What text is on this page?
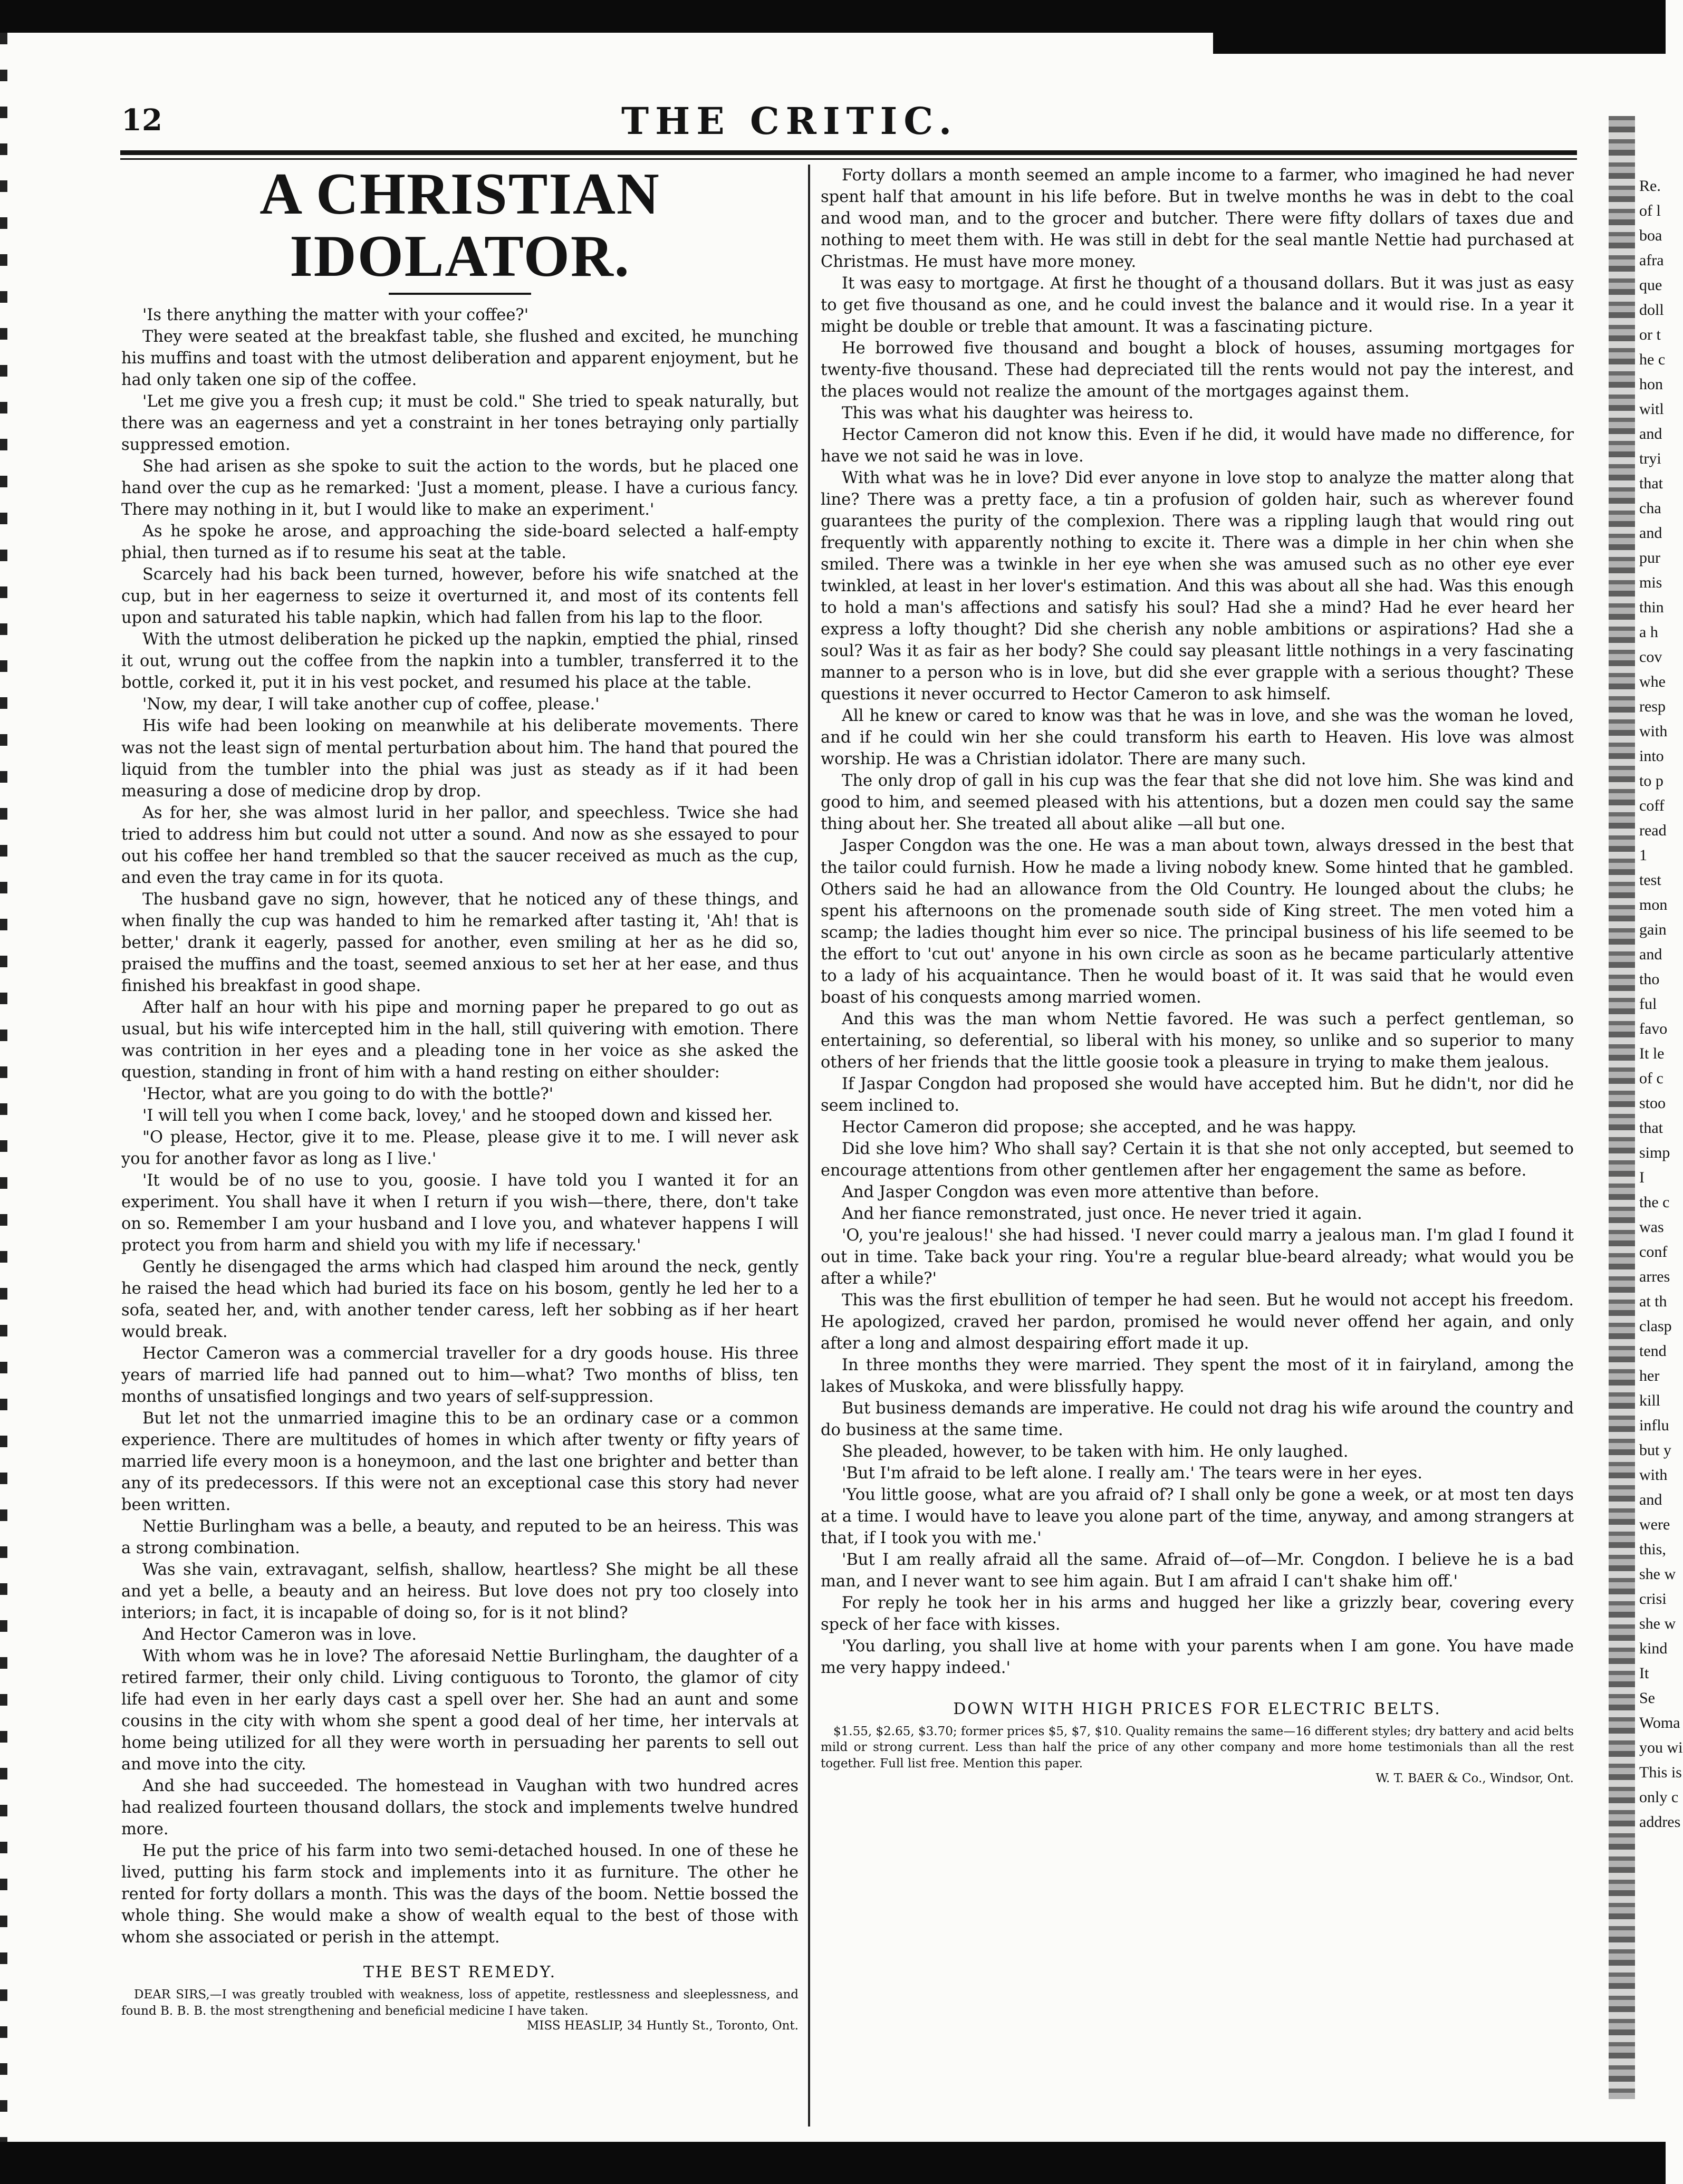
12	THE CRITIC.
A CHRISTIAN IDOLATOR.

'Is there anything the matter with your coffee?'

They were seated at the breakfast table, she flushed and excited, he munching his muffins and toast with the utmost deliberation and apparent enjoyment, but he had only taken one sip of the coffee.

'Let me give you a fresh cup; it must be cold." She tried to speak naturally, but there was an eagerness and yet a constraint in her tones betraying only partially suppressed emotion.

She had arisen as she spoke to suit the action to the words, but he placed one hand over the cup as he remarked: 'Just a moment, please. I have a curious fancy. There may nothing in it, but I would like to make an experiment.'

As he spoke he arose, and approaching the side-board selected a half-empty phial, then turned as if to resume his seat at the table.

Scarcely had his back been turned, however, before his wife snatched at the cup, but in her eagerness to seize it overturned it, and most of its contents fell upon and saturated his table napkin, which had fallen from his lap to the floor.

With the utmost deliberation he picked up the napkin, emptied the phial, rinsed it out, wrung out the coffee from the napkin into a tumbler, transferred it to the bottle, corked it, put it in his vest pocket, and resumed his place at the table.

'Now, my dear, I will take another cup of coffee, please.'

His wife had been looking on meanwhile at his deliberate movements. There was not the least sign of mental perturbation about him. The hand that poured the liquid from the tumbler into the phial was just as steady as if it had been measuring a dose of medicine drop by drop.

As for her, she was almost lurid in her pallor, and speechless. Twice she had tried to address him but could not utter a sound. And now as she essayed to pour out his coffee her hand trembled so that the saucer received as much as the cup, and even the tray came in for its quota.

The husband gave no sign, however, that he noticed any of these things, and when finally the cup was handed to him he remarked after tasting it, 'Ah! that is better,' drank it eagerly, passed for another, even smiling at her as he did so, praised the muffins and the toast, seemed anxious to set her at her ease, and thus finished his breakfast in good shape.

After half an hour with his pipe and morning paper he prepared to go out as usual, but his wife intercepted him in the hall, still quivering with emotion. There was contrition in her eyes and a pleading tone in her voice as she asked the question, standing in front of him with a hand resting on either shoulder:

'Hector, what are you going to do with the bottle?'

'I will tell you when I come back, lovey,' and he stooped down and kissed her.

"O please, Hector, give it to me. Please, please give it to me. I will never ask you for another favor as long as I live.'

'It would be of no use to you, goosie. I have told you I wanted it for an experiment. You shall have it when I return if you wish—there, there, don't take on so. Remember I am your husband and I love you, and whatever happens I will protect you from harm and shield you with my life if necessary.'

Gently he disengaged the arms which had clasped him around the neck, gently he raised the head which had buried its face on his bosom, gently he led her to a sofa, seated her, and, with another tender caress, left her sobbing as if her heart would break.

Hector Cameron was a commercial traveller for a dry goods house. His three years of married life had panned out to him—what? Two months of bliss, ten months of unsatisfied longings and two years of self-suppression.

But let not the unmarried imagine this to be an ordinary case or a common experience. There are multitudes of homes in which after twenty or fifty years of married life every moon is a honeymoon, and the last one brighter and better than any of its predecessors. If this were not an exceptional case this story had never been written.

Nettie Burlingham was a belle, a beauty, and reputed to be an heiress. This was a strong combination.

Was she vain, extravagant, selfish, shallow, heartless? She might be all these and yet a belle, a beauty and an heiress. But love does not pry too closely into interiors; in fact, it is incapable of doing so, for is it not blind?

And Hector Cameron was in love.

With whom was he in love? The aforesaid Nettie Burlingham, the daughter of a retired farmer, their only child. Living contiguous to Toronto, the glamor of city life had even in her early days cast a spell over her. She had an aunt and some cousins in the city with whom she spent a good deal of her time, her intervals at home being utilized for all they were worth in persuading her parents to sell out and move into the city.

And she had succeeded. The homestead in Vaughan with two hundred acres had realized fourteen thousand dollars, the stock and implements twelve hundred more.

He put the price of his farm into two semi-detached housed. In one of these he lived, putting his farm stock and implements into it as furniture. The other he rented for forty dollars a month. This was the days of the boom. Nettie bossed the whole thing. She would make a show of wealth equal to the best of those with whom she associated or perish in the attempt.

THE BEST REMEDY.

DEAR SIRS,—I was greatly troubled with weakness, loss of appetite, restlessness and sleeplessness, and found B. B. B. the most strengthening and beneficial medicine I have taken.

MISS HEASLIP, 34 Huntly St., Toronto, Ont.

Forty dollars a month seemed an ample income to a farmer, who imagined he had never spent half that amount in his life before. But in twelve months he was in debt to the coal and wood man, and to the grocer and butcher. There were fifty dollars of taxes due and nothing to meet them with. He was still in debt for the seal mantle Nettie had purchased at Christmas. He must have more money.

It was easy to mortgage. At first he thought of a thousand dollars. But it was just as easy to get five thousand as one, and he could invest the balance and it would rise. In a year it might be double or treble that amount. It was a fascinating picture.

He borrowed five thousand and bought a block of houses, assuming mortgages for twenty-five thousand. These had depreciated till the rents would not pay the interest, and the places would not realize the amount of the mortgages against them.

This was what his daughter was heiress to.

Hector Cameron did not know this. Even if he did, it would have made no difference, for have we not said he was in love.

With what was he in love? Did ever anyone in love stop to analyze the matter along that line? There was a pretty face, a tin a profusion of golden hair, such as wherever found guarantees the purity of the complexion. There was a rippling laugh that would ring out frequently with apparently nothing to excite it. There was a dimple in her chin when she smiled. There was a twinkle in her eye when she was amused such as no other eye ever twinkled, at least in her lover's estimation. And this was about all she had. Was this enough to hold a man's affections and satisfy his soul? Had she a mind? Had he ever heard her express a lofty thought? Did she cherish any noble ambitions or aspirations? Had she a soul? Was it as fair as her body? She could say pleasant little nothings in a very fascinating manner to a person who is in love, but did she ever grapple with a serious thought? These questions it never occurred to Hector Cameron to ask himself.

All he knew or cared to know was that he was in love, and she was the woman he loved, and if he could win her she could transform his earth to Heaven. His love was almost worship. He was a Christian idolator. There are many such.

The only drop of gall in his cup was the fear that she did not love him. She was kind and good to him, and seemed pleased with his attentions, but a dozen men could say the same thing about her. She treated all about alike —all but one.

Jasper Congdon was the one. He was a man about town, always dressed in the best that the tailor could furnish. How he made a living nobody knew. Some hinted that he gambled. Others said he had an allowance from the Old Country. He lounged about the clubs; he spent his afternoons on the promenade south side of King street. The men voted him a scamp; the ladies thought him ever so nice. The principal business of his life seemed to be the effort to 'cut out' anyone in his own circle as soon as he became particularly attentive to a lady of his acquaintance. Then he would boast of it. It was said that he would even boast of his conquests among married women.

And this was the man whom Nettie favored. He was such a perfect gentleman, so entertaining, so deferential, so liberal with his money, so unlike and so superior to many others of her friends that the little goosie took a pleasure in trying to make them jealous.

If Jaspar Congdon had proposed she would have accepted him. But he didn't, nor did he seem inclined to.

Hector Cameron did propose; she accepted, and he was happy.

Did she love him? Who shall say? Certain it is that she not only accepted, but seemed to encourage attentions from other gentlemen after her engagement the same as before.

And Jasper Congdon was even more attentive than before.

And her fiance remonstrated, just once. He never tried it again.

'O, you're jealous!' she had hissed. 'I never could marry a jealous man. I'm glad I found it out in time. Take back your ring. You're a regular blue-beard already; what would you be after a while?'

This was the first ebullition of temper he had seen. But he would not accept his freedom. He apologized, craved her pardon, promised he would never offend her again, and only after a long and almost despairing effort made it up.

In three months they were married. They spent the most of it in fairyland, among the lakes of Muskoka, and were blissfully happy.

But business demands are imperative. He could not drag his wife around the country and do business at the same time.

She pleaded, however, to be taken with him. He only laughed.

'But I'm afraid to be left alone. I really am.' The tears were in her eyes.

'You little goose, what are you afraid of? I shall only be gone a week, or at most ten days at a time. I would have to leave you alone part of the time, anyway, and among strangers at that, if I took you with me.'

'But I am really afraid all the same. Afraid of—of—Mr. Congdon. I believe he is a bad man, and I never want to see him again. But I am afraid I can't shake him off.'

For reply he took her in his arms and hugged her like a grizzly bear, covering every speck of her face with kisses.

'You darling, you shall live at home with your parents when I am gone. You have made me very happy indeed.'

DOWN WITH HIGH PRICES FOR ELECTRIC BELTS.

$1.55, $2.65, $3.70; former prices $5, $7, $10. Quality remains the same—16 different styles; dry battery and acid belts mild or strong current. Less than half the price of any other company and more home testimonials than all the rest together. Full list free. Mention this paper.

W. T. BAER & Co., Windsor, Ont.
Re.
of l
boa
afra
que
doll
or t
he c
hon
witl
and
tryi
that
cha
and
pur
mis
thin
a h
cov
whe
resp
with
into
to p
coff
read
1
test
mon
gain
and
tho
ful
favo
It le
of c
stoo
that
simp
I
the c
was
conf
arres
at th
clasp
tend
her
kill
influ
but y
with
and
were
this,
she w
crisi
she w
kind
It
Se
Woma
you wi
This is
only c
addres
